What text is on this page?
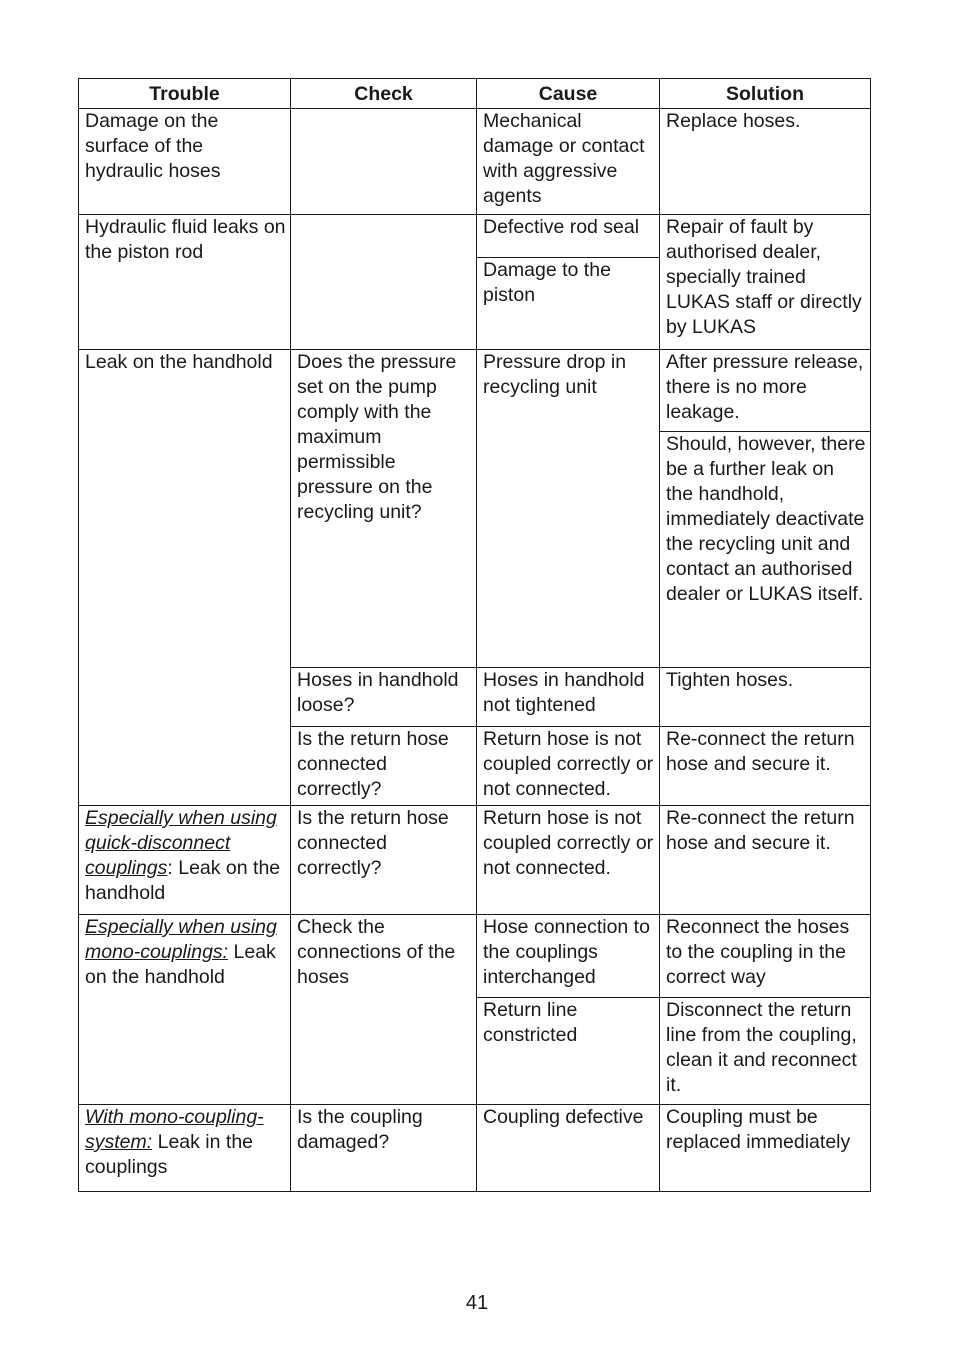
Trouble	Check	Cause	Solution
Damage on the surface of the hydraulic hoses		Mechanical damage or contact with aggressive agents	Replace hoses.
Hydraulic fluid leaks on the piston rod		Defective rod seal	Repair of fault by authorised dealer, specially trained LUKAS staff or directly by LUKAS
		Damage to the piston	
Leak on the handhold	Does the pressure set on the pump comply with the maximum permissible pressure on the recycling unit?	Pressure drop in recycling unit	After pressure release, there is no more leakage.
			Should, however, there be a further leak on the handhold, immediately deactivate the recycling unit and contact an authorised dealer or LUKAS itself.
	Hoses in handhold loose?	Hoses in handhold not tightened	Tighten hoses.
	Is the return hose connected correctly?	Return hose is not coupled correctly or not connected.	Re-connect the return hose and secure it.
Especially when using quick-disconnect couplings: Leak on the handhold	Is the return hose connected correctly?	Return hose is not coupled correctly or not connected.	Re-connect the return hose and secure it.
Especially when using mono-couplings: Leak on the handhold	Check the connections of the hoses	Hose connection to the couplings interchanged	Reconnect the hoses to the coupling in the correct way
		Return line constricted	Disconnect the return line from the coupling, clean it and reconnect it.
With mono-coupling-system: Leak in the couplings	Is the coupling damaged?	Coupling defective	Coupling must be replaced immediately
41
